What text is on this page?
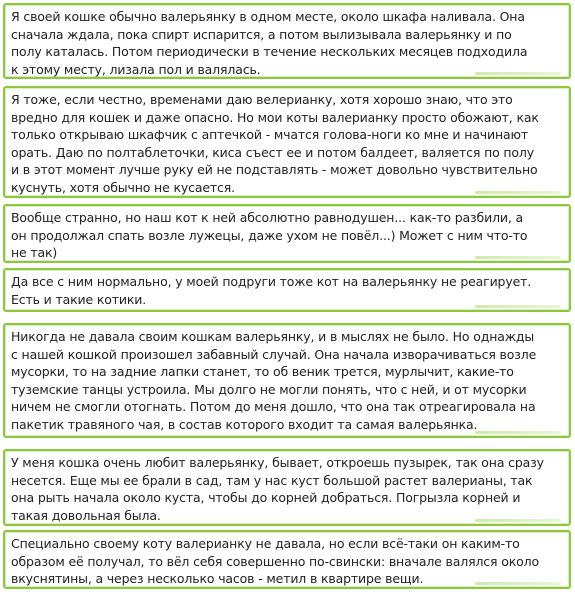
Я своей кошке обычно валерьянку в одном месте, около шкафа наливала. Она
сначала ждала, пока спирт испарится, а потом вылизывала валерьянку и по
полу каталась. Потом периодически в течение нескольких месяцев подходила
к этому месту, лизала пол и валялась.
Я тоже, если честно, временами даю велерианку, хотя хорошо знаю, что это
вредно для кошек и даже опасно. Но мои коты валерианку просто обожают, как
только открываю шкафчик с аптечкой - мчатся голова-ноги ко мне и начинают
орать. Даю по полтаблеточки, киса съест ее и потом балдеет, валяется по полу
и в этот момент лучше руку ей не подставлять - может довольно чувствительно
куснуть, хотя обычно не кусается.
Вообще странно, но наш кот к ней абсолютно равнодушен... как-то разбили, а
он продолжал спать возле лужецы, даже ухом не повёл...) Может с ним что-то
не так)
Да все с ним нормально, у моей подруги тоже кот на валерьянку не реагирует.
Есть и такие котики.
Никогда не давала своим кошкам валерьянку, и в мыслях не было. Но однажды
с нашей кошкой произошел забавный случай. Она начала изворачиваться возле
мусорки, то на задние лапки станет, то об веник трется, мурлычит, какие-то
туземские танцы устроила. Мы долго не могли понять, что с ней, и от мусорки
ничем не смогли отогнать. Потом до меня дошло, что она так отреагировала на
пакетик травяного чая, в состав которого входит та самая валерьянка.
У меня кошка очень любит валерьянку, бывает, откроешь пузырек, так она сразу
несется. Еще мы ее брали в сад, там у нас куст большой растет валерианы, так
она рыть начала около куста, чтобы до корней добраться. Погрызла корней и
такая довольная была.
Специально своему коту валерианку не давала, но если всё-таки он каким-то
образом её получал, то вёл себя совершенно по-свински: вначале валялся около
вкуснятины, а через несколько часов - метил в квартире вещи.
